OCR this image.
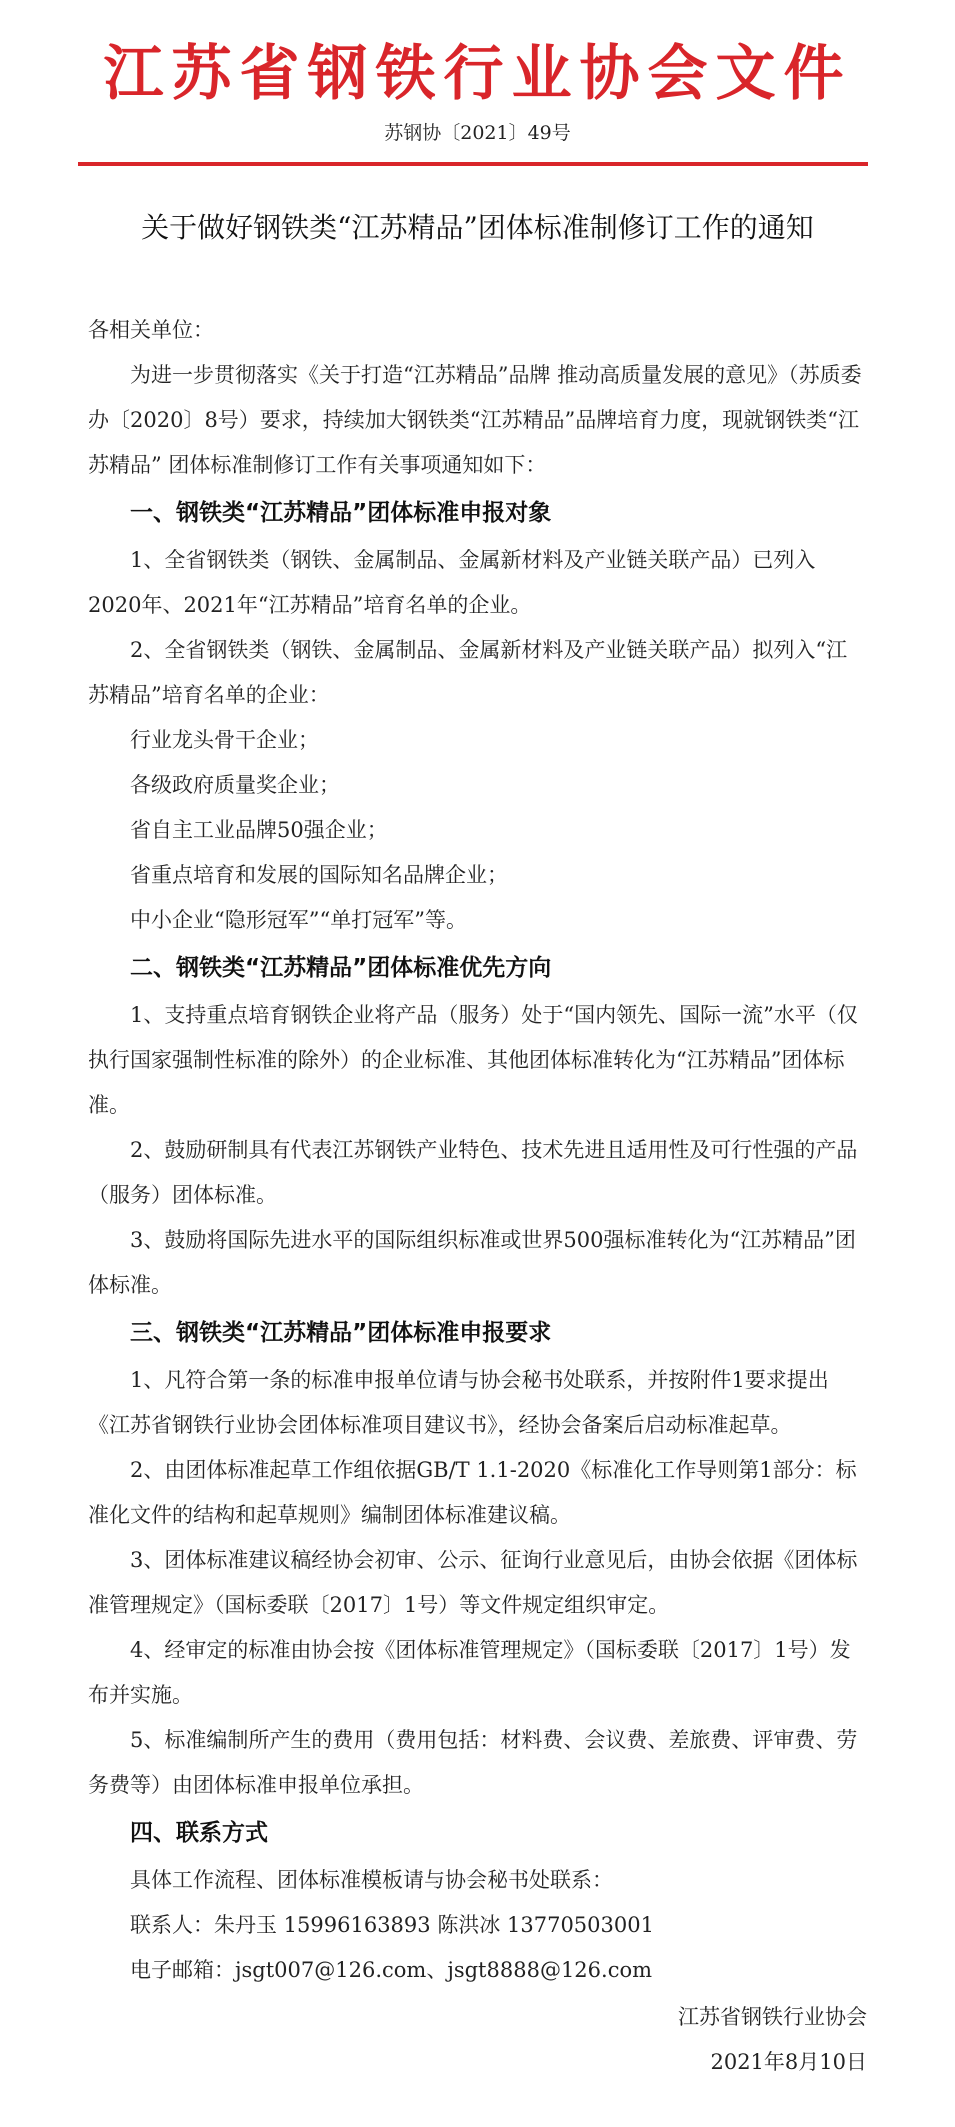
江苏省钢铁行业协会文件
苏钢协〔2021〕49号
关于做好钢铁类“江苏精品”团体标准制修订工作的通知

各相关单位：

为进一步贯彻落实《关于打造“江苏精品”品牌 推动高质量发展的意见》（苏质委办〔2020〕8号）要求，持续加大钢铁类“江苏精品”品牌培育力度，现就钢铁类“江苏精品” 团体标准制修订工作有关事项通知如下：

一、钢铁类“江苏精品”团体标准申报对象

1、全省钢铁类（钢铁、金属制品、金属新材料及产业链关联产品）已列入2020年、2021年“江苏精品”培育名单的企业。

2、全省钢铁类（钢铁、金属制品、金属新材料及产业链关联产品）拟列入“江苏精品”培育名单的企业：

行业龙头骨干企业；

各级政府质量奖企业；

省自主工业品牌50强企业；

省重点培育和发展的国际知名品牌企业；

中小企业“隐形冠军”“单打冠军”等。

二、钢铁类“江苏精品”团体标准优先方向

1、支持重点培育钢铁企业将产品（服务）处于“国内领先、国际一流”水平（仅执行国家强制性标准的除外）的企业标准、其他团体标准转化为“江苏精品”团体标准。

2、鼓励研制具有代表江苏钢铁产业特色、技术先进且适用性及可行性强的产品（服务）团体标准。

3、鼓励将国际先进水平的国际组织标准或世界500强标准转化为“江苏精品”团体标准。

三、钢铁类“江苏精品”团体标准申报要求

1、凡符合第一条的标准申报单位请与协会秘书处联系，并按附件1要求提出《江苏省钢铁行业协会团体标准项目建议书》，经协会备案后启动标准起草。

2、由团体标准起草工作组依据GB/T 1.1-2020《标准化工作导则第1部分：标准化文件的结构和起草规则》编制团体标准建议稿。

3、团体标准建议稿经协会初审、公示、征询行业意见后，由协会依据《团体标准管理规定》（国标委联〔2017〕1号）等文件规定组织审定。

4、经审定的标准由协会按《团体标准管理规定》（国标委联〔2017〕1号）发布并实施。

5、标准编制所产生的费用（费用包括：材料费、会议费、差旅费、评审费、劳务费等）由团体标准申报单位承担。

四、联系方式

具体工作流程、团体标准模板请与协会秘书处联系：

联系人：朱丹玉 15996163893 陈洪冰 13770503001

电子邮箱：jsgt007@126.com、jsgt8888@126.com

江苏省钢铁行业协会
2021年8月10日
